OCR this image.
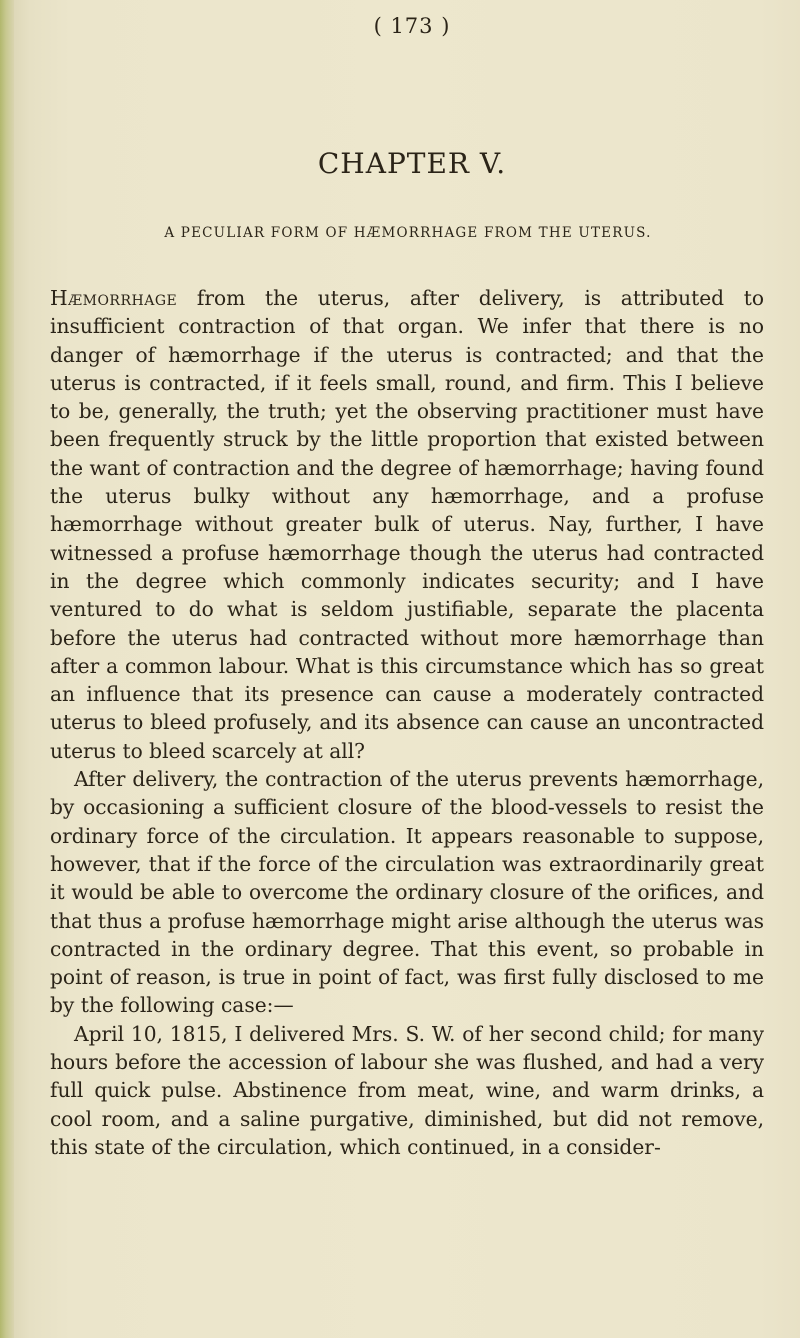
( 173 )
CHAPTER V.
A PECULIAR FORM OF HÆMORRHAGE FROM THE UTERUS.

Hæmorrhage from the uterus, after delivery, is attributed to insufficient contraction of that organ. We infer that there is no danger of hæmorrhage if the uterus is contracted; and that the uterus is contracted, if it feels small, round, and firm. This I believe to be, generally, the truth; yet the observing practitioner must have been frequently struck by the little proportion that existed between the want of contraction and the degree of hæmorrhage; having found the uterus bulky without any hæmorrhage, and a profuse hæmorrhage without greater bulk of uterus. Nay, further, I have witnessed a profuse hæmorrhage though the uterus had contracted in the degree which commonly indicates security; and I have ventured to do what is seldom justifiable, separate the placenta before the uterus had contracted without more hæmorrhage than after a common labour. What is this circumstance which has so great an influence that its presence can cause a moderately contracted uterus to bleed profusely, and its absence can cause an uncontracted uterus to bleed scarcely at all?

After delivery, the contraction of the uterus prevents hæmorrhage, by occasioning a sufficient closure of the blood-vessels to resist the ordinary force of the circulation. It appears reasonable to suppose, however, that if the force of the circulation was extraordinarily great it would be able to overcome the ordinary closure of the orifices, and that thus a profuse hæmorrhage might arise although the uterus was contracted in the ordinary degree. That this event, so probable in point of reason, is true in point of fact, was first fully disclosed to me by the following case:—

April 10, 1815, I delivered Mrs. S. W. of her second child; for many hours before the accession of labour she was flushed, and had a very full quick pulse. Abstinence from meat, wine, and warm drinks, a cool room, and a saline purgative, diminished, but did not remove, this state of the circulation, which continued, in a consider-
